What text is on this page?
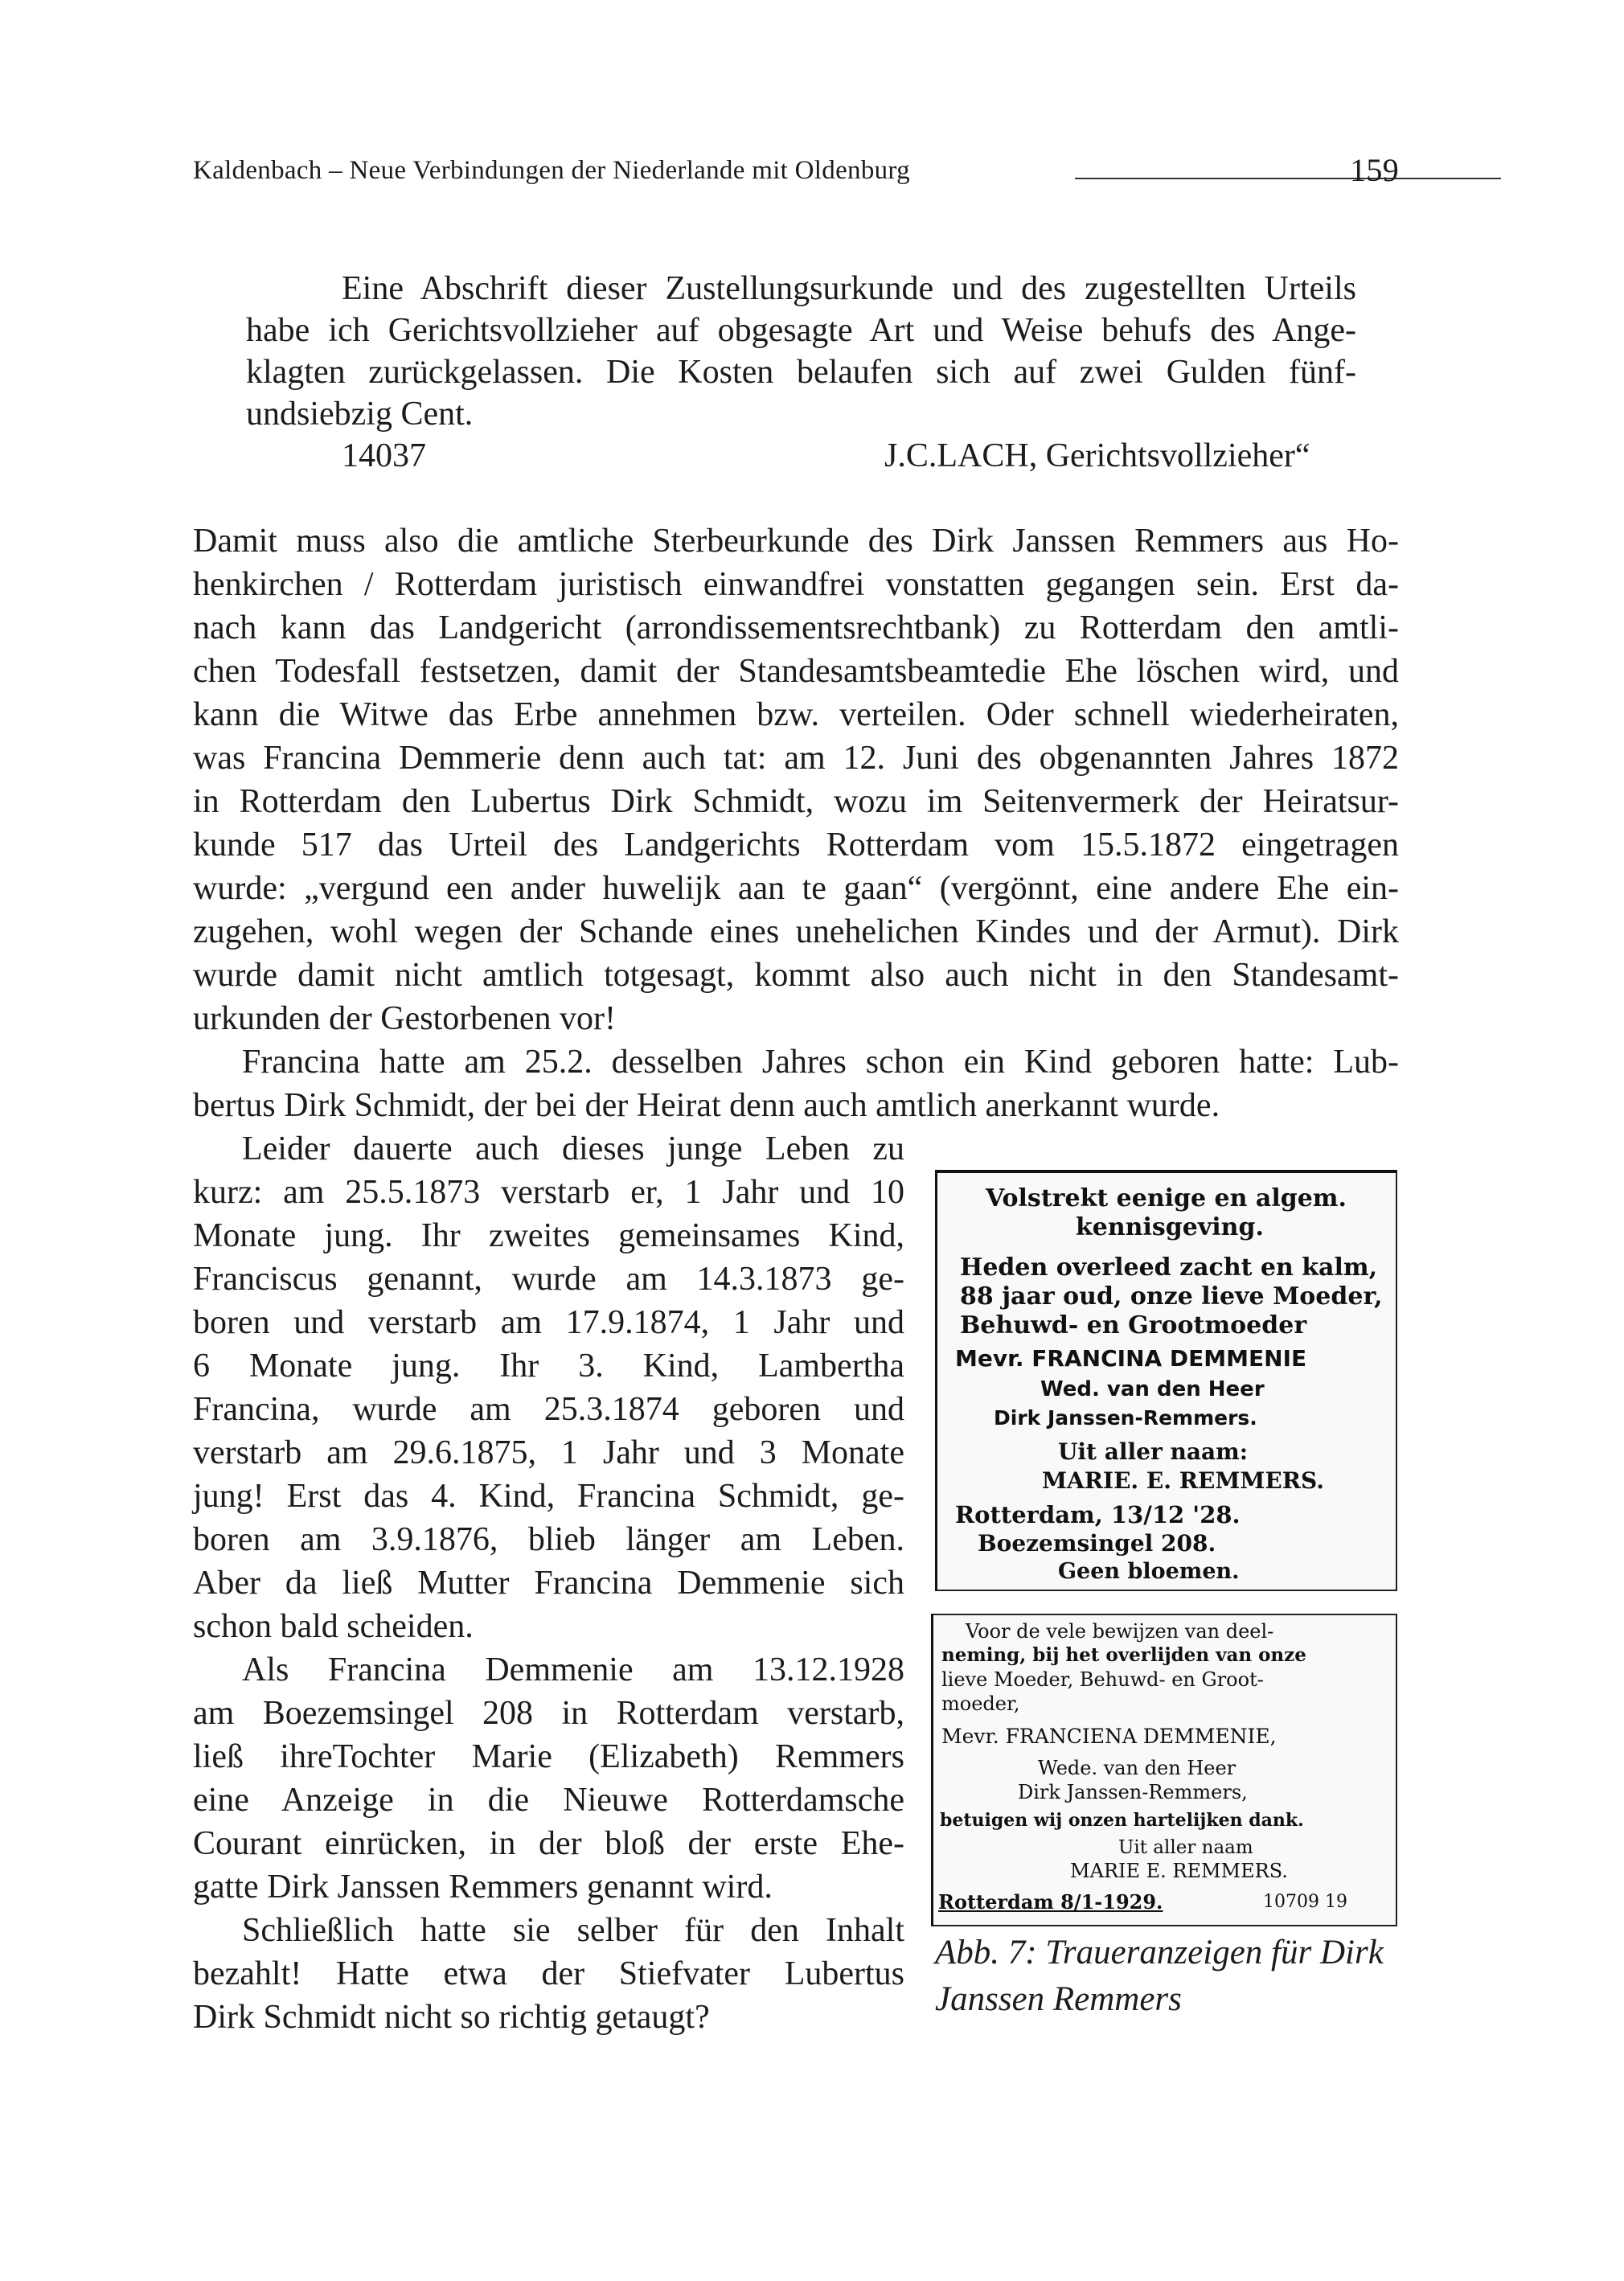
Kaldenbach – Neue Verbindungen der Niederlande mit Oldenburg	159
Eine Abschrift dieser Zustellungsurkunde und des zugestellten Urteils
habe ich Gerichtsvollzieher auf obgesagte Art und Weise behufs des Ange-
klagten zurückgelassen. Die Kosten belaufen sich auf zwei Gulden fünf-
undsiebzig Cent.
14037	J.C.LACH, Gerichtsvollzieher“
Damit muss also die amtliche Sterbeurkunde des Dirk Janssen Remmers aus Ho-
henkirchen / Rotterdam juristisch einwandfrei vonstatten gegangen sein. Erst da-
nach kann das Landgericht (arrondissementsrechtbank) zu Rotterdam den amtli-
chen Todesfall festsetzen, damit der Standesamtsbeamtedie Ehe löschen wird, und
kann die Witwe das Erbe annehmen bzw. verteilen. Oder schnell wiederheiraten,
was Francina Demmerie denn auch tat: am 12. Juni des obgenannten Jahres 1872
in Rotterdam den Lubertus Dirk Schmidt, wozu im Seitenvermerk der Heiratsur-
kunde 517 das Urteil des Landgerichts Rotterdam vom 15.5.1872 eingetragen
wurde: „vergund een ander huwelijk aan te gaan“ (vergönnt, eine andere Ehe ein-
zugehen, wohl wegen der Schande eines unehelichen Kindes und der Armut). Dirk
wurde damit nicht amtlich totgesagt, kommt also auch nicht in den Standesamt-
urkunden der Gestorbenen vor!
Francina hatte am 25.2. desselben Jahres schon ein Kind geboren hatte: Lub-
bertus Dirk Schmidt, der bei der Heirat denn auch amtlich anerkannt wurde.
Leider dauerte auch dieses junge Leben zu
kurz: am 25.5.1873 verstarb er, 1 Jahr und 10
Monate jung. Ihr zweites gemeinsames Kind,
Franciscus genannt, wurde am 14.3.1873 ge-
boren und verstarb am 17.9.1874, 1 Jahr und
6 Monate jung. Ihr 3. Kind, Lambertha
Francina, wurde am 25.3.1874 geboren und
verstarb am 29.6.1875, 1 Jahr und 3 Monate
jung! Erst das 4. Kind, Francina Schmidt, ge-
boren am 3.9.1876, blieb länger am Leben.
Aber da ließ Mutter Francina Demmenie sich
schon bald scheiden.
Als Francina Demmenie am 13.12.1928
am Boezemsingel 208 in Rotterdam verstarb,
ließ ihreTochter Marie (Elizabeth) Remmers
eine Anzeige in die Nieuwe Rotterdamsche
Courant einrücken, in der bloß der erste Ehe-
gatte Dirk Janssen Remmers genannt wird.
Schließlich hatte sie selber für den Inhalt
bezahlt! Hatte etwa der Stiefvater Lubertus
Dirk Schmidt nicht so richtig getaugt?
Volstrekt eenige en algem.
kennisgeving.
Heden overleed zacht en kalm,
88 jaar oud, onze lieve Moeder,
Behuwd- en Grootmoeder
Mevr. FRANCINA DEMMENIE
Wed. van den Heer
Dirk Janssen-Remmers.
Uit aller naam:
MARIE. E. REMMERS.
Rotterdam, 13/12 '28.
Boezemsingel 208.
Geen bloemen.
Voor de vele bewijzen van deel-
neming, bij het overlijden van onze
lieve Moeder, Behuwd- en Groot-
moeder,
Mevr. FRANCIENA DEMMENIE,
Wede. van den Heer
Dirk Janssen-Remmers,
betuigen wij onzen hartelijken dank.
Uit aller naam
MARIE E. REMMERS.
Rotterdam 8/1-1929.	10709 19
Abb. 7: Traueranzeigen für Dirk
Janssen Remmers
